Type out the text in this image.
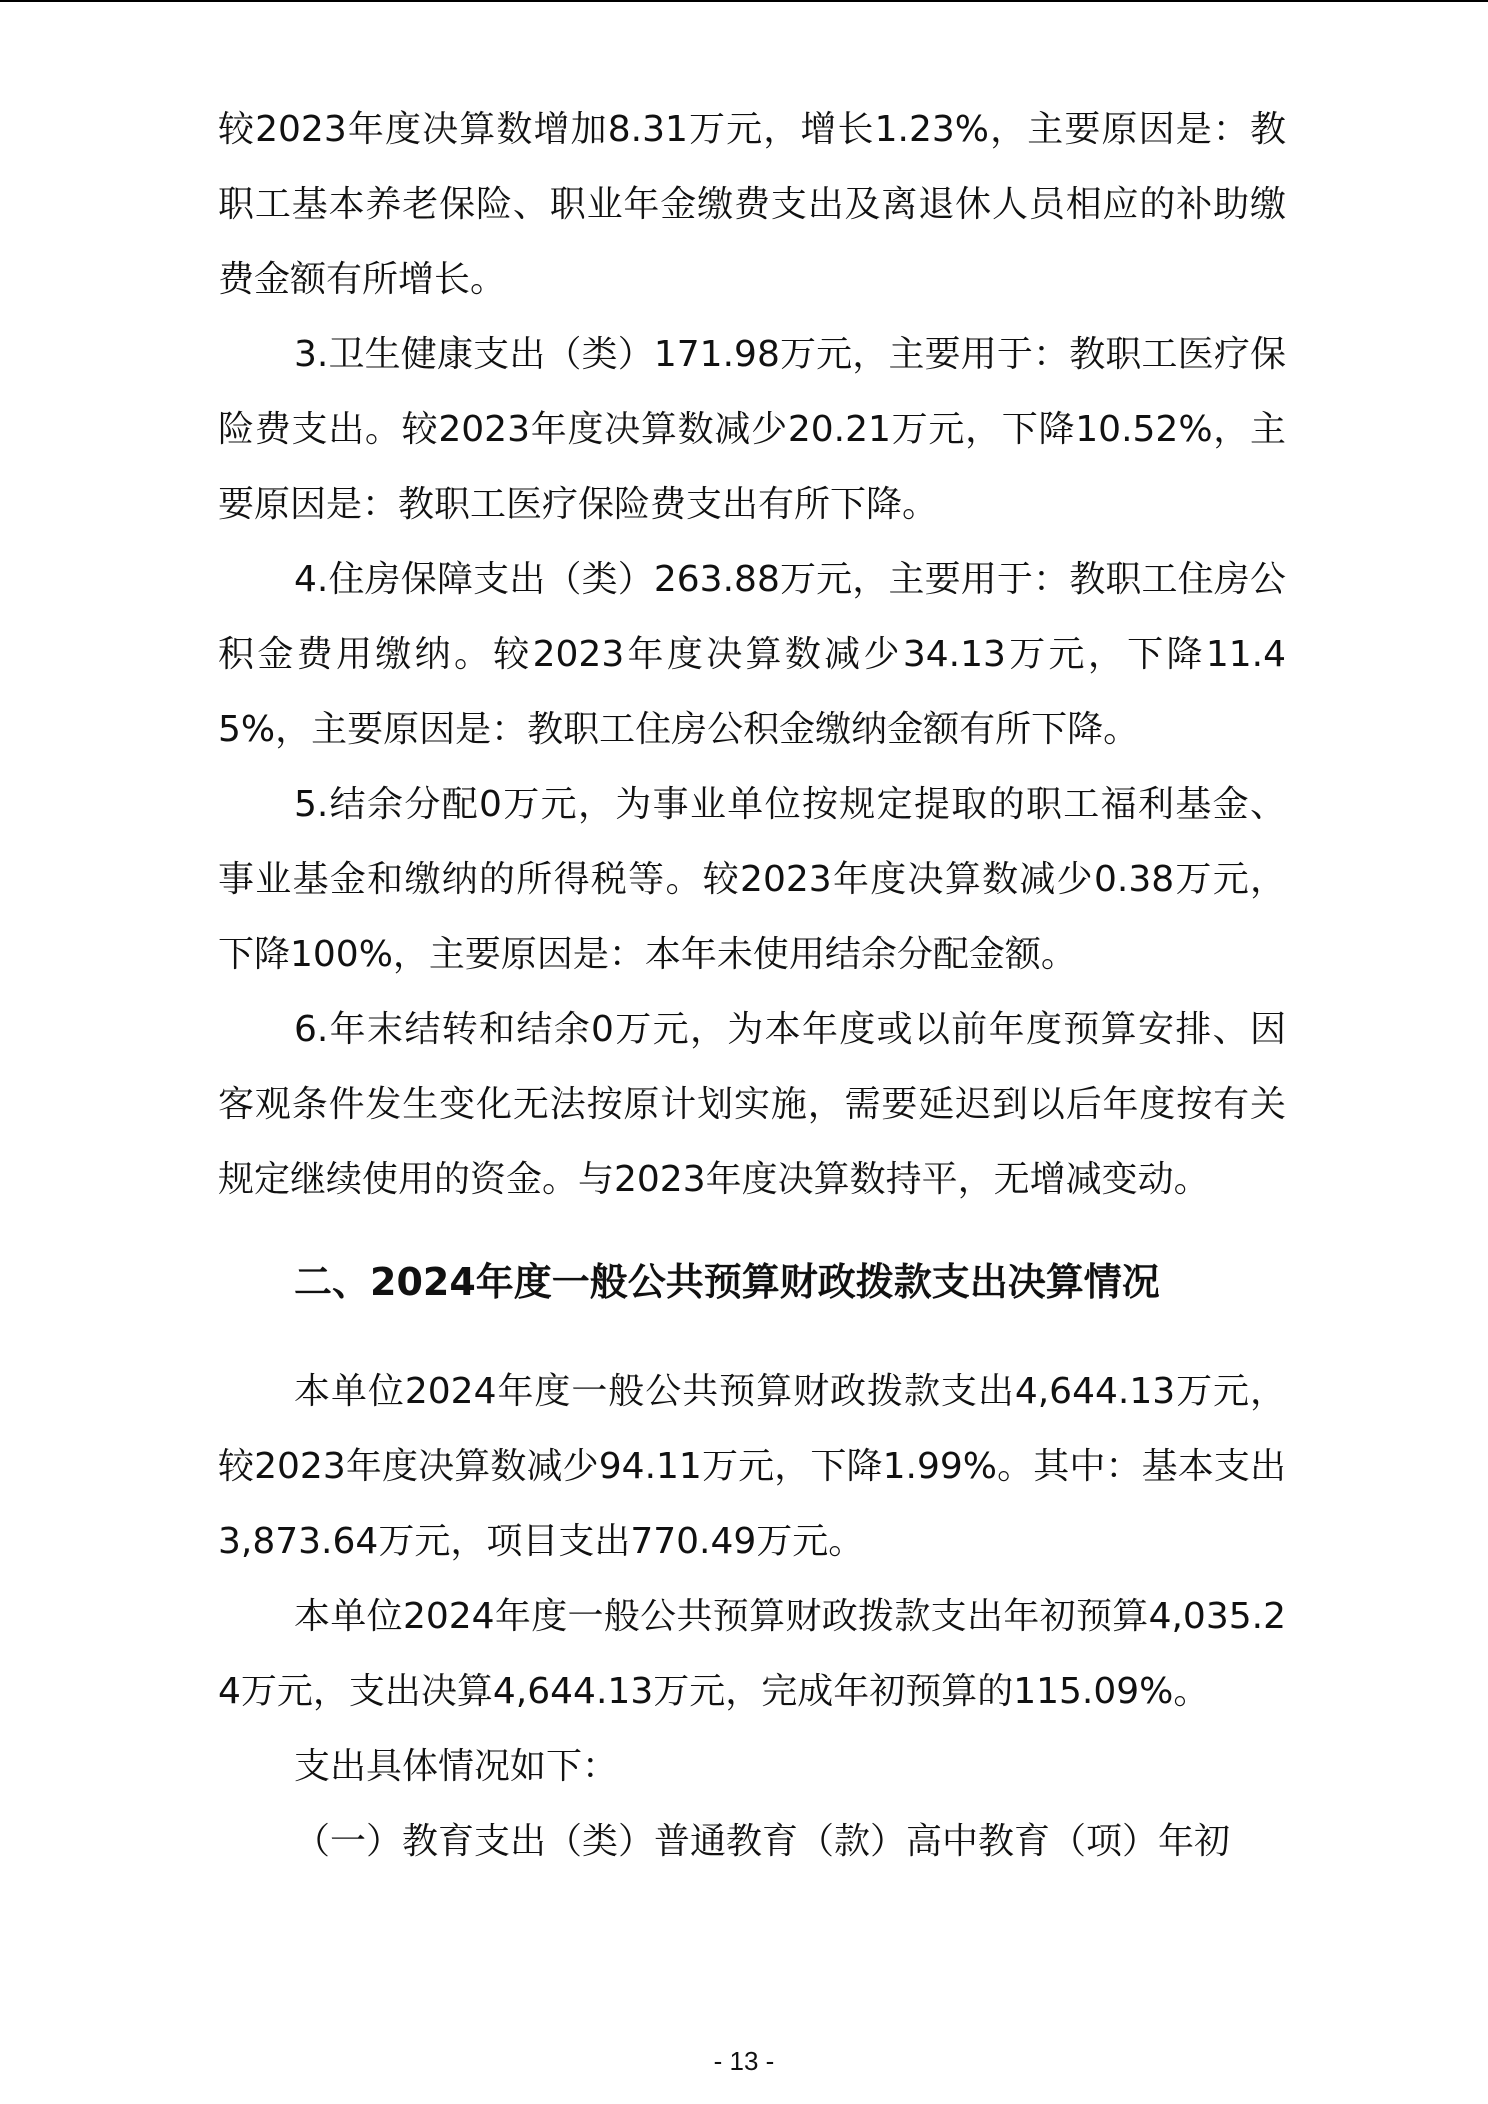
较2023年度决算数增加8.31万元，增长1.23%，主要原因是：教职工基本养老保险、职业年金缴费支出及离退休人员相应的补助缴费金额有所增长。

3.卫生健康支出（类）171.98万元，主要用于：教职工医疗保险费支出。较2023年度决算数减少20.21万元，下降10.52%，主要原因是：教职工医疗保险费支出有所下降。

4.住房保障支出（类）263.88万元，主要用于：教职工住房公积金费用缴纳。较2023年度决算数减少34.13万元，下降11.45%，主要原因是：教职工住房公积金缴纳金额有所下降。

5.结余分配0万元，为事业单位按规定提取的职工福利基金、事业基金和缴纳的所得税等。较2023年度决算数减少0.38万元，下降100%，主要原因是：本年未使用结余分配金额。

6.年末结转和结余0万元，为本年度或以前年度预算安排、因客观条件发生变化无法按原计划实施，需要延迟到以后年度按有关规定继续使用的资金。与2023年度决算数持平，无增减变动。

二、2024年度一般公共预算财政拨款支出决算情况

本单位2024年度一般公共预算财政拨款支出4,644.13万元，较2023年度决算数减少94.11万元，下降1.99%。其中：基本支出3,873.64万元，项目支出770.49万元。

本单位2024年度一般公共预算财政拨款支出年初预算4,035.24万元，支出决算4,644.13万元，完成年初预算的115.09%。

支出具体情况如下：

（一）教育支出（类）普通教育（款）高中教育（项）年初

- 13 -
